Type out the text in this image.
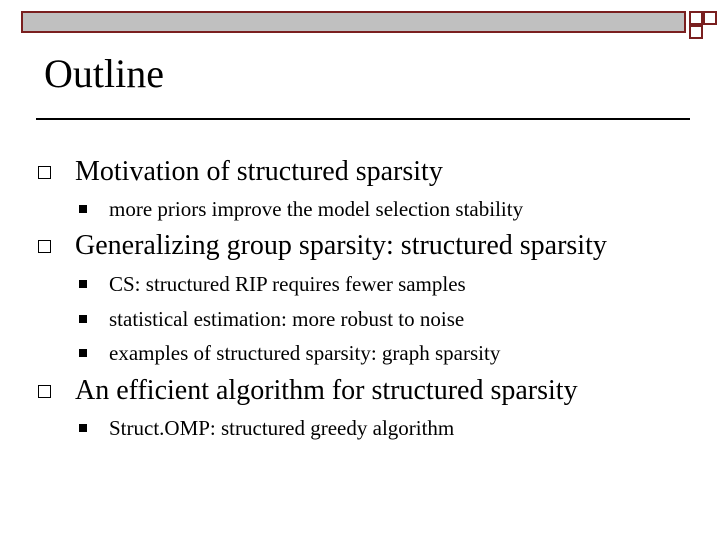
Outline
Motivation of structured sparsity
more priors improve the model selection stability
Generalizing group sparsity: structured sparsity
CS: structured RIP requires fewer samples
statistical estimation: more robust to noise
examples of structured sparsity: graph sparsity
An efficient algorithm for structured sparsity
Struct.OMP: structured greedy algorithm
